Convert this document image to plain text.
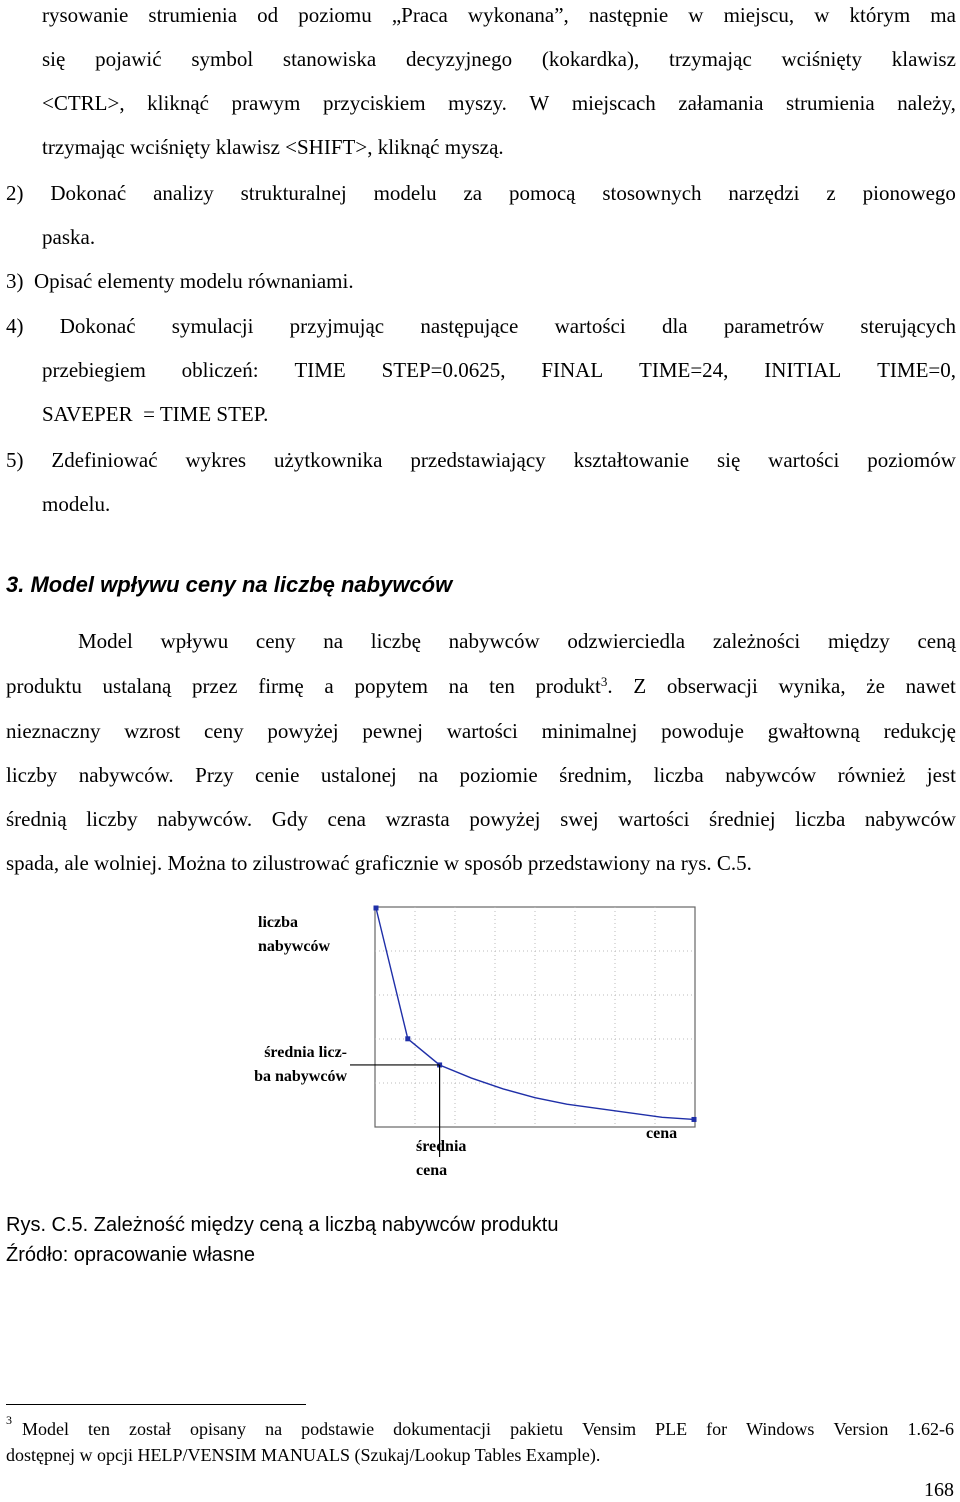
rysowanie strumienia od poziomu „Praca wykonana”, następnie w miejscu, w którym ma
się pojawić symbol stanowiska decyzyjnego (kokardka), trzymając wciśnięty klawisz
<CTRL>, kliknąć prawym przyciskiem myszy. W miejscach załamania strumienia należy,
trzymając wciśnięty klawisz <SHIFT>, kliknąć myszą.
2) Dokonać analizy strukturalnej modelu za pomocą stosownych narzędzi z pionowego
paska.
3)  Opisać elementy modelu równaniami.
4) Dokonać symulacji przyjmując następujące wartości dla parametrów sterujących
przebiegiem obliczeń: TIME STEP=0.0625, FINAL TIME=24, INITIAL TIME=0,
SAVEPER  = TIME STEP.
5) Zdefiniować wykres użytkownika przedstawiający kształtowanie się wartości poziomów
modelu.
3. Model wpływu ceny na liczbę nabywców
Model wpływu ceny na liczbę nabywców odzwierciedla zależności między ceną
produktu ustalaną przez firmę a popytem na ten produkt$^3$. Z obserwacji wynika, że nawet
nieznaczny wzrost ceny powyżej pewnej wartości minimalnej powoduje gwałtowną redukcję
liczby nabywców. Przy cenie ustalonej na poziomie średnim, liczba nabywców również jest
średnią liczby nabywców. Gdy cena wzrasta powyżej swej wartości średniej liczba nabywców
spada, ale wolniej. Można to zilustrować graficznie w sposób przedstawiony na rys. C.5.
liczba
nabywców
średnia licz-
ba nabywców
średnia
cena
cena
Rys. C.5. Zależność między ceną a liczbą nabywców produktu
Źródło: opracowanie własne
3 Model ten został opisany na podstawie dokumentacji pakietu Vensim PLE for Windows Version 1.62-6
dostępnej w opcji HELP/VENSIM MANUALS (Szukaj/Lookup Tables Example).
168
